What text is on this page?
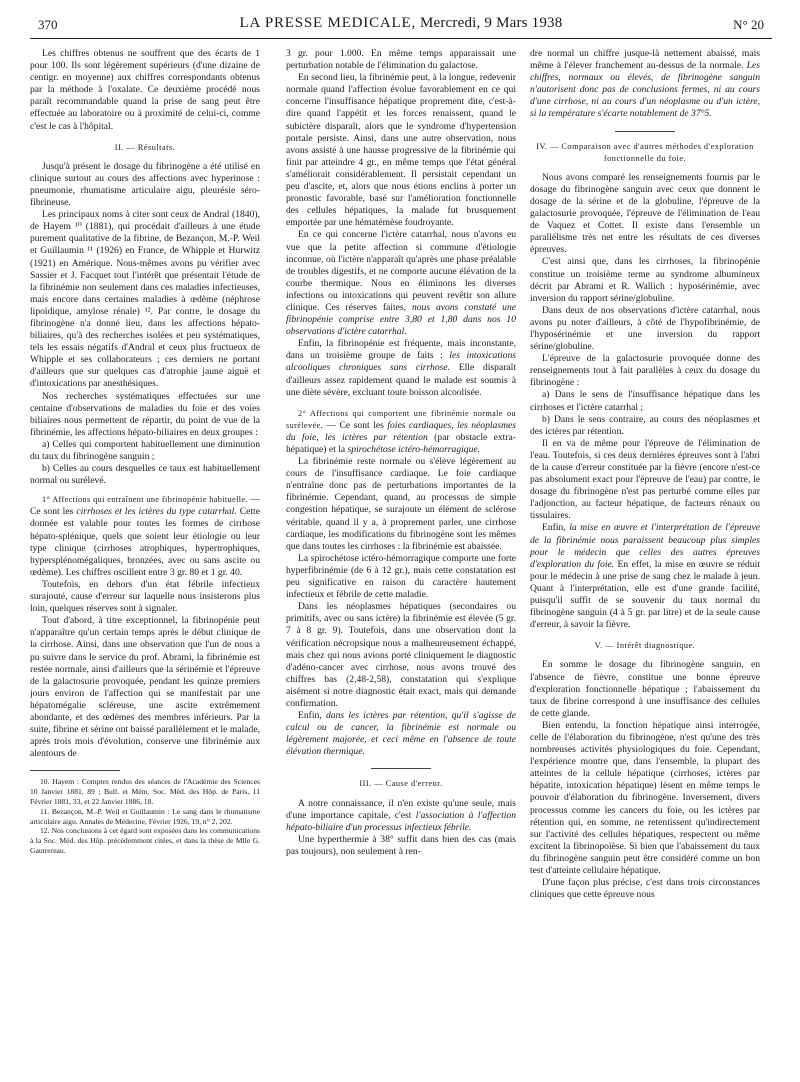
370	LA PRESSE MEDICALE, Mercredi, 9 Mars 1938	N° 20

Les chiffres obtenus ne souffrent que des écarts de 1 pour 100. Ils sont légèrement supérieurs (d'une dizaine de centigr. en moyenne) aux chiffres correspondants obtenus par la méthode à l'oxalate. Ce deuxième procédé nous paraît recommandable quand la prise de sang peut être effectuée au laboratoire ou à proximité de celui-ci, comme c'est le cas à l'hôpital.

II. — Résultats.

Jusqu'à présent le dosage du fibrinogène a été utilisé en clinique surtout au cours des affections avec hyperinose : pneumonie, rhumatisme articulaire aigu, pleurésie séro-fibrineuse.

Les principaux noms à citer sont ceux de Andral (1840), de Hayem ¹⁰ (1881), qui procédait d'ailleurs à une étude purement qualitative de la fibrine, de Bezançon, M.-P. Weil et Guillaumin ¹¹ (1926) en France, de Whipple et Hurwitz (1921) en Amérique. Nous-mêmes avons pu vérifier avec Sassier et J. Facquet tout l'intérêt que présentait l'étude de la fibrinémie non seulement dans ces maladies infectieuses, mais encore dans certaines maladies à œdème (néphrose lipoïdique, amylose rénale) ¹². Par contre, le dosage du fibrinogène n'a donné lieu, dans les affections hépato-biliaires, qu'à des recherches isolées et peu systématiques, tels les essais négatifs d'Andral et ceux plus fructueux de Whipple et ses collaborateurs ; ces derniers ne portant d'ailleurs que sur quelques cas d'atrophie jaune aiguë et d'intoxications par anesthésiques.

Nos recherches systématiques effectuées sur une centaine d'observations de maladies du foie et des voies biliaires nous permettent de répartir, du point de vue de la fibrinémie, les affections hépato-biliaires en deux groupes :

a) Celles qui comportent habituellement une diminution du taux du fibrinogène sanguin ;

b) Celles au cours desquelles ce taux est habituellement normal ou surélevé.

1° Affections qui entraînent une fibrinopénie habituelle. — Ce sont les cirrhoses et les ictères du type catarrhal. Cette donnée est valable pour toutes les formes de cirrhose hépato-splénique, quels que soient leur étiologie ou leur type clinique (cirrhoses atrophiques, hypertrophiques, hypersplénomégaliques, bronzées, avec ou sans ascite ou œdème). Les chiffres oscillent entre 3 gr. 80 et 1 gr. 40.

Toutefois, en dehors d'un état fébrile infectieux surajouté, cause d'erreur sur laquelle nous insisterons plus loin, quelques réserves sont à signaler.

Tout d'abord, à titre exceptionnel, la fibrinopénie peut n'apparaître qu'un certain temps après le début clinique de la cirrhose. Ainsi, dans une observation que l'un de nous a pu suivre dans le service du prof. Abrami, la fibrinémie est restée normale, ainsi d'ailleurs que la sérinémie et l'épreuve de la galactosurie provoquée, pendant les quinze premiers jours environ de l'affection qui se manifestait par une hépatomégalie scléreuse, une ascite extrêmement abondante, et des œdèmes des membres inférieurs. Par la suite, fibrine et sérine ont baissé parallèlement et le malade, après trois mois d'évolution, conserve une fibrinémie aux alentours de

10. Hayem : Comptes rendus des séances de l'Académie des Sciences 10 Janvier 1881, 89 ; Bull. et Mém. Soc. Méd. des Hôp. de Paris, 11 Février 1881, 33, et 22 Janvier 1886, 18.

11. Bezançon, M.-P. Weil et Guillaumin : Le sang dans le rhumatisme articulaire aigu. Annales de Médecine, Février 1926, 19, n° 2, 202.

12. Nos conclusions à cet égard sont exposées dans les communications à la Soc. Méd. des Hôp. précédemment citées, et dans la thèse de Mlle G. Gautrereau.

3 gr. pour 1.000. En même temps apparaissait une perturbation notable de l'élimination du galactose.

En second lieu, la fibrinémie peut, à la longue, redevenir normale quand l'affection évolue favorablement en ce qui concerne l'insuffisance hépatique proprement dite, c'est-à-dire quand l'appétit et les forces renaissent, quand le subictère disparaît, alors que le syndrome d'hypertension portale persiste. Ainsi, dans une autre observation, nous avons assisté à une hausse progressive de la fibrinémie qui finit par atteindre 4 gr., en même temps que l'état général s'améliorait considérablement. Il persistait cependant un peu d'ascite, et, alors que nous étions enclins à porter un pronostic favorable, basé sur l'amélioration fonctionnelle des cellules hépatiques, la malade fut brusquement emportée par une hématémèse foudroyante.

En ce qui concerne l'ictère catarrhal, nous n'avons eu vue que la petite affection si commune d'étiologie inconnue, où l'ictère n'apparaît qu'après une phase préalable de troubles digestifs, et ne comporte aucune élévation de la courbe thermique. Nous en éliminons les diverses infections ou intoxications qui peuvent revêtir son allure clinique. Ces réserves faites, nous avons constaté une fibrinopénie comprise entre 3,80 et 1,80 dans nos 10 observations d'ictère catarrhal.

Enfin, la fibrinopénie est fréquente, mais inconstante, dans un troisième groupe de faits : les intoxications alcooliques chroniques sans cirrhose. Elle disparaît d'ailleurs assez rapidement quand le malade est soumis à une diète sévère, excluant toute boisson alcoolisée.

2° Affections qui comportent une fibrinémie normale ou surélevée. — Ce sont les foies cardiaques, les néoplasmes du foie, les ictères par rétention (par obstacle extra-hépatique) et la spirochétose ictéro-hémorragique.

La fibrinémie reste normale ou s'élève légèrement au cours de l'insuffisance cardiaque. Le foie cardiaque n'entraîne donc pas de perturbations importantes de la fibrinémie. Cependant, quand, au processus de simple congestion hépatique, se surajoute un élément de sclérose véritable, quand il y a, à proprement parler, une cirrhose cardiaque, les modifications du fibrinogène sont les mêmes que dans toutes les cirrhoses : la fibrinémie est abaissée.

La spirochétose ictéro-hémorragique comporte une forte hyperfibrinémie (de 6 à 12 gr.), mais cette constatation est peu significative en raison du caractère hautement infectieux et fébrile de cette maladie.

Dans les néoplasmes hépatiques (secondaires ou primitifs, avec ou sans ictère) la fibrinémie est élevée (5 gr. 7 à 8 gr. 9). Toutefois, dans une observation dont la vérification nécropsique nous a malheureusement échappé, mais chez qui nous avions porté cliniquement le diagnostic d'adéno-cancer avec cirrhose, nous avons trouvé des chiffres bas (2,48-2,58), constatation qui s'explique aisément si notre diagnostic était exact, mais qui demande confirmation.

Enfin, dans les ictères par rétention, qu'il s'agisse de calcul ou de cancer, la fibrinémie est normale ou légèrement majorée, et ceci même en l'absence de toute élévation thermique.

III. — Cause d'erreur.

A notre connaissance, il n'en existe qu'une seule, mais d'une importance capitale, c'est l'association à l'affection hépato-biliaire d'un processus infectieux fébrile.

Une hyperthermie à 38° suffit dans bien des cas (mais pas toujours), non seulement à ren-

dre normal un chiffre jusque-là nettement abaissé, mais même à l'élever franchement au-dessus de la normale. Les chiffres, normaux ou élevés, de fibrinogène sanguin n'autorisent donc pas de conclusions fermes, ni au cours d'une cirrhose, ni au cours d'un néoplasme ou d'un ictère, si la température s'écarte notablement de 37°5.

IV. — Comparaison avec d'autres méthodes d'exploration fonctionnelle du foie.

Nous avons comparé les renseignements fournis par le dosage du fibrinogène sanguin avec ceux que donnent le dosage de la sérine et de la globuline, l'épreuve de la galactosurie provoquée, l'épreuve de l'élimination de l'eau de Vaquez et Cottet. Il existe dans l'ensemble un parallélisme très net entre les résultats de ces diverses épreuves.

C'est ainsi que, dans les cirrhoses, la fibrinopénie constitue un troisième terme au syndrome albumineux décrit par Abrami et R. Wallich : hyposérinémie, avec inversion du rapport sérine/globuline.

Dans deux de nos observations d'ictère catarrhal, nous avons pu noter d'ailleurs, à côté de l'hypofibrinémie, de l'hyposérinémie et une inversion du rapport sérine/globuline.

L'épreuve de la galactosurie provoquée donne des renseignements tout à fait parallèles à ceux du dosage du fibrinogène :

a) Dans le sens de l'insuffisance hépatique dans les cirrhoses et l'ictère catarrhal ;

b) Dans le sens contraire, au cours des néoplasmes et des ictères par rétention.

Il en va de même pour l'épreuve de l'élimination de l'eau. Toutefois, si ces deux dernières épreuves sont à l'abri de la cause d'erreur constituée par la fièvre (encore n'est-ce pas absolument exact pour l'épreuve de l'eau) par contre, le dosage du fibrinogène n'est pas perturbé comme elles par l'adjonction, au facteur hépatique, de facteurs rénaux ou tissulaires.

Enfin, la mise en œuvre et l'interprétation de l'épreuve de la fibrinémie nous paraissent beaucoup plus simples pour le médecin que celles des autres épreuves d'exploration du foie. En effet, la mise en œuvre se réduit pour le médecin à une prise de sang chez le malade à jeun. Quant à l'interprétation, elle est d'une grande facilité, puisqu'il suffit de se souvenir du taux normal du fibrinogène sanguin (4 à 5 gr. par litre) et de la seule cause d'erreur, à savoir la fièvre.

V. — Intérêt diagnostique.

En somme le dosage du fibrinogène sanguin, en l'absence de fièvre, constitue une bonne épreuve d'exploration fonctionnelle hépatique ; l'abaissement du taux de fibrine correspond à une insuffisance des cellules de cette glande.

Bien entendu, la fonction hépatique ainsi interrogée, celle de l'élaboration du fibrinogène, n'est qu'une des très nombreuses activités physiologiques du foie. Cependant, l'expérience montre que, dans l'ensemble, la plupart des atteintes de la cellule hépatique (cirrhoses, ictères par hépatite, intoxication hépatique) lèsent en même temps le pouvoir d'élaboration du fibrinogène. Inversement, divers processus comme les cancers du foie, ou les ictères par rétention qui, en somme, ne retentissent qu'indirectement sur l'activité des cellules hépatiques, respectent ou même excitent la fibrinopoïèse. Si bien que l'abaissement du taux du fibrinogène sanguin peut être considéré comme un bon test d'atteinte cellulaire hépatique.

D'une façon plus précise, c'est dans trois circonstances cliniques que cette épreuve nous
